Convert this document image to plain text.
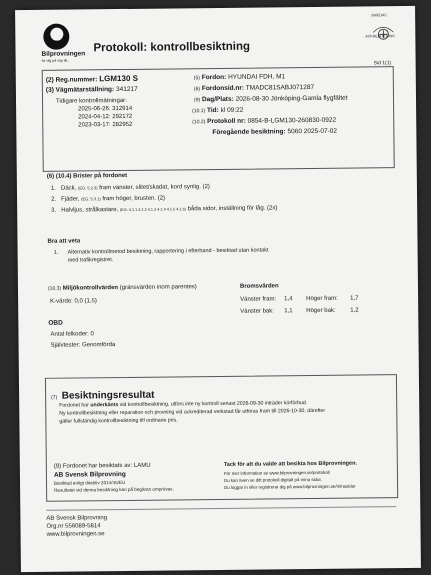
Bilprovningen
för dig på väg till...
Protokoll: kontrollbesiktning
SWEDAC
ACKREDITERING
Sid 1(1)
(2) Reg.nummer: LGM130 S
(3) Vägmätarställning: 341217
Tidigare kontrollmätningar:
2025-06-26: 312914
2024-04-12: 292172
2023-03-17: 282952
(5) Fordon: HYUNDAI FDH, M1
(6) Fordonsid.nr: TMADC81SABJ071287
(9) Dag/Plats: 2026-08-30 Jönköping-Gamla flygfältet
(10.1) Tid: kl 09:22
(10.2) Protokoll nr: 0854-B-LGM130-260830-0922
Föregående besiktning: 5060 2025-07-02
(6) (10.4) Brister på fordonet
1. Däck, (EG: 5.2.3) fram vänster, slitet/skadat, kord synlig. (2)
2. Fjäder, (EG: 5.3.1) fram höger, brusten. (2)
3. Halvljus, strålkastare, (EG: 4.1.1 4.1.2 4.1.3 4.1.4 4.1.5 4.1.6) båda sidor, inställning för låg. (2x)
Bra att veta
1. Alternativ kontrollmetod besiktning, rapportering i efterhand - besiktad utan kontakt
med trafikregistret.
(10.3) Miljökontrollvärden (gränsvärden inom parentes)
K-värde: 0,0 (1,5)
Bromsvärden
Vänster fram: 1,4 Höger fram: 1,7
Vänster bak: 1,1 Höger bak: 1,2
OBD
Antal felkoder: 0
Självtester: Genomförda
(7) Besiktningsresultat
Fordonet har underkänts vid kontrollbesiktning, utförs inte ny kontroll senast 2026-09-30 inträder körförbud.
Ny kontrollbesiktning eller reparation och provning vid ackrediterad verkstad får utföras fram till 2026-10-30, därefter
gäller fullständig kontrollbesiktning till ordinarie pris.
(9) Fordonet har besiktats av: LAMU
AB Svensk Bilprovning
Besiktad enligt direktiv 2014/45/EU
Resultatet vid denna besiktning kan på begäran omprövas.
Tack för att du valde att besikta hos Bilprovningen.
För mer information se www.bilprovningen.se/protokoll
Du kan även se ditt protokoll digitalt på mina sidor.
Du loggar in eller registrerar dig på www.bilprovningen.se/minasidor
AB Svensk Bilprovning
Org.nr 556089-5814
www.bilprovningen.se
